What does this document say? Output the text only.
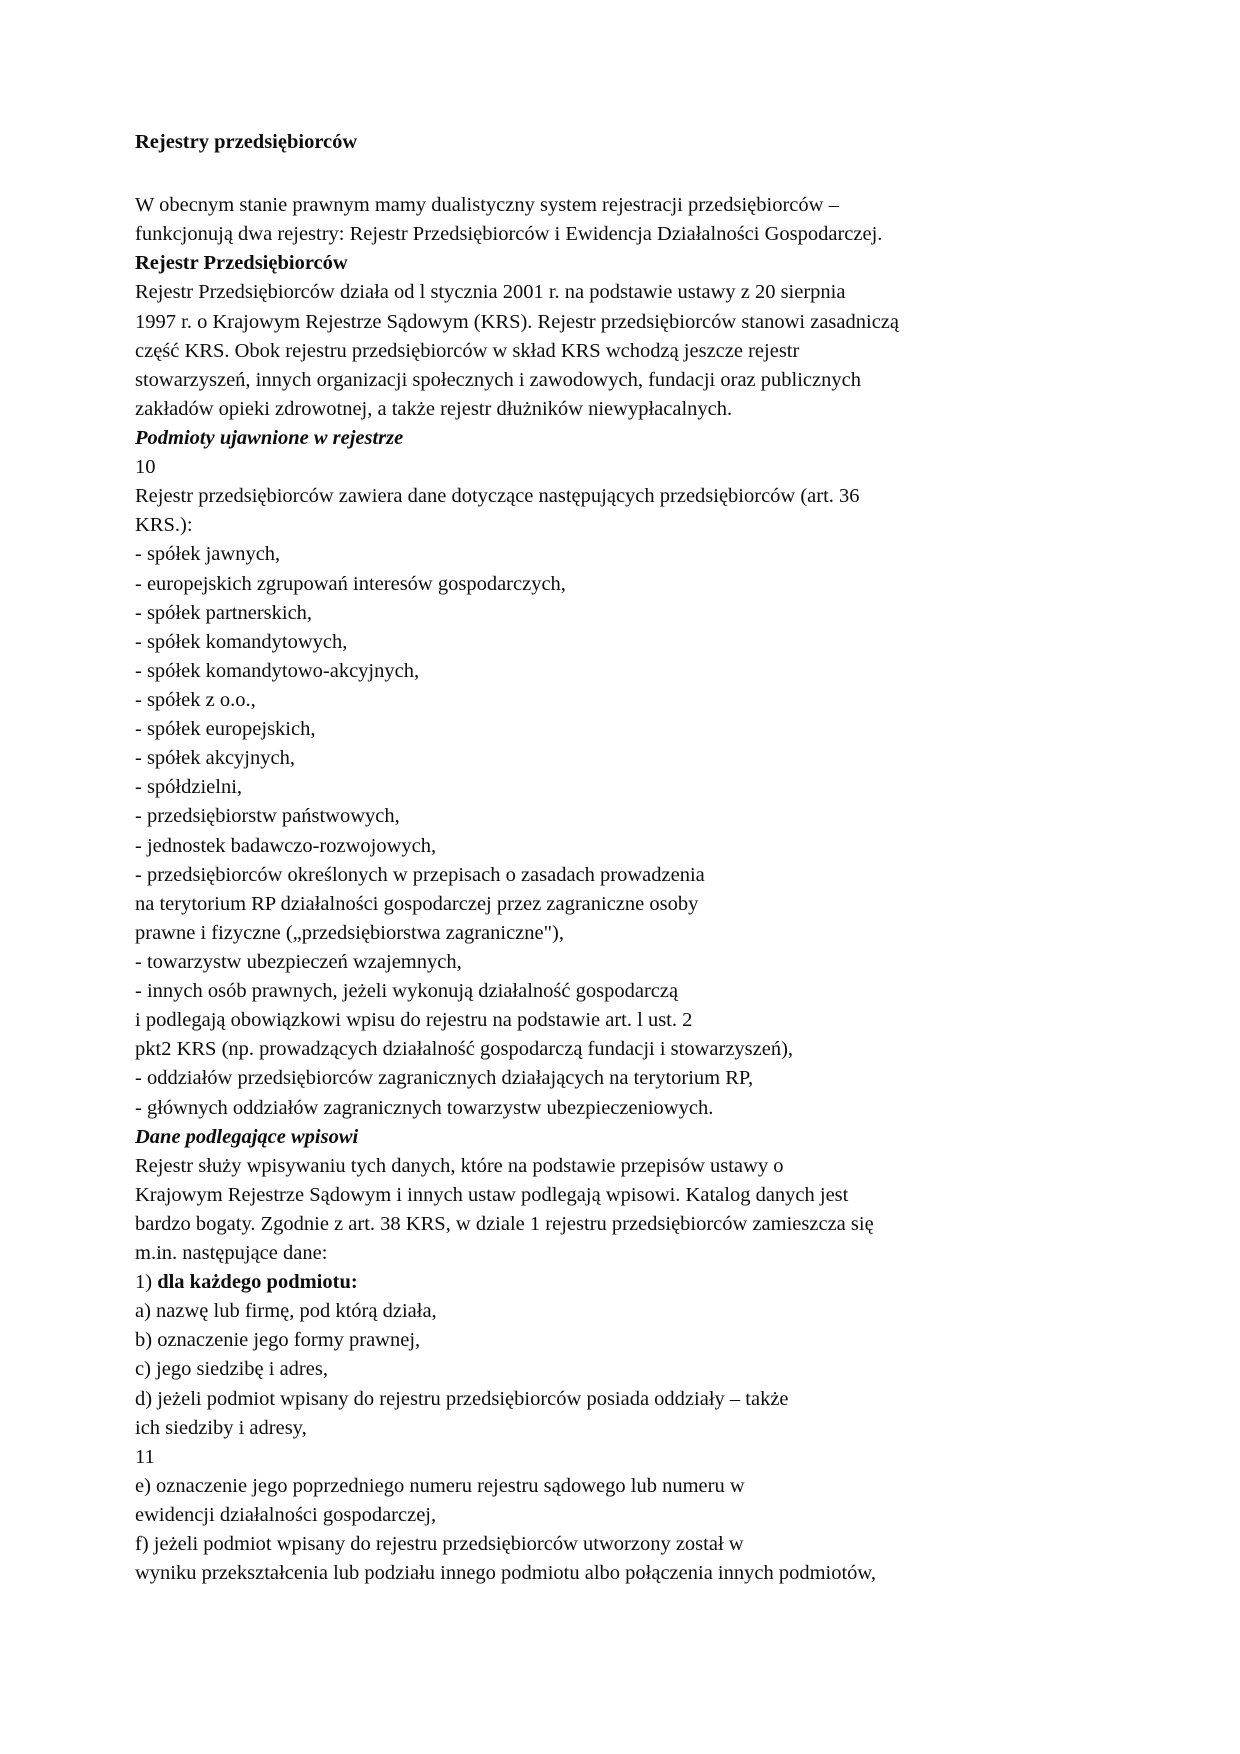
Rejestry przedsiębiorców

W obecnym stanie prawnym mamy dualistyczny system rejestracji przedsiębiorców –

funkcjonują dwa rejestry: Rejestr Przedsiębiorców i Ewidencja Działalności Gospodarczej.

Rejestr Przedsiębiorców

Rejestr Przedsiębiorców działa od l stycznia 2001 r. na podstawie ustawy z 20 sierpnia

1997 r. o Krajowym Rejestrze Sądowym (KRS). Rejestr przedsiębiorców stanowi zasadniczą

część KRS. Obok rejestru przedsiębiorców w skład KRS wchodzą jeszcze rejestr

stowarzyszeń, innych organizacji społecznych i zawodowych, fundacji oraz publicznych

zakładów opieki zdrowotnej, a także rejestr dłużników niewypłacalnych.

Podmioty ujawnione w rejestrze

10

Rejestr przedsiębiorców zawiera dane dotyczące następujących przedsiębiorców (art. 36

KRS.):

- spółek jawnych,

- europejskich zgrupowań interesów gospodarczych,

- spółek partnerskich,

- spółek komandytowych,

- spółek komandytowo-akcyjnych,

- spółek z o.o.,

- spółek europejskich,

- spółek akcyjnych,

- spółdzielni,

- przedsiębiorstw państwowych,

- jednostek badawczo-rozwojowych,

- przedsiębiorców określonych w przepisach o zasadach prowadzenia

na terytorium RP działalności gospodarczej przez zagraniczne osoby

prawne i fizyczne („przedsiębiorstwa zagraniczne"),

- towarzystw ubezpieczeń wzajemnych,

- innych osób prawnych, jeżeli wykonują działalność gospodarczą

i podlegają obowiązkowi wpisu do rejestru na podstawie art. l ust. 2

pkt2 KRS (np. prowadzących działalność gospodarczą fundacji i stowarzyszeń),

- oddziałów przedsiębiorców zagranicznych działających na terytorium RP,

- głównych oddziałów zagranicznych towarzystw ubezpieczeniowych.

Dane podlegające wpisowi

Rejestr służy wpisywaniu tych danych, które na podstawie przepisów ustawy o

Krajowym Rejestrze Sądowym i innych ustaw podlegają wpisowi. Katalog danych jest

bardzo bogaty. Zgodnie z art. 38 KRS, w dziale 1 rejestru przedsiębiorców zamieszcza się

m.in. następujące dane:

1) dla każdego podmiotu:

a) nazwę lub firmę, pod którą działa,

b) oznaczenie jego formy prawnej,

c) jego siedzibę i adres,

d) jeżeli podmiot wpisany do rejestru przedsiębiorców posiada oddziały – także

ich siedziby i adresy,

11

e) oznaczenie jego poprzedniego numeru rejestru sądowego lub numeru w

ewidencji działalności gospodarczej,

f) jeżeli podmiot wpisany do rejestru przedsiębiorców utworzony został w

wyniku przekształcenia lub podziału innego podmiotu albo połączenia innych podmiotów,
